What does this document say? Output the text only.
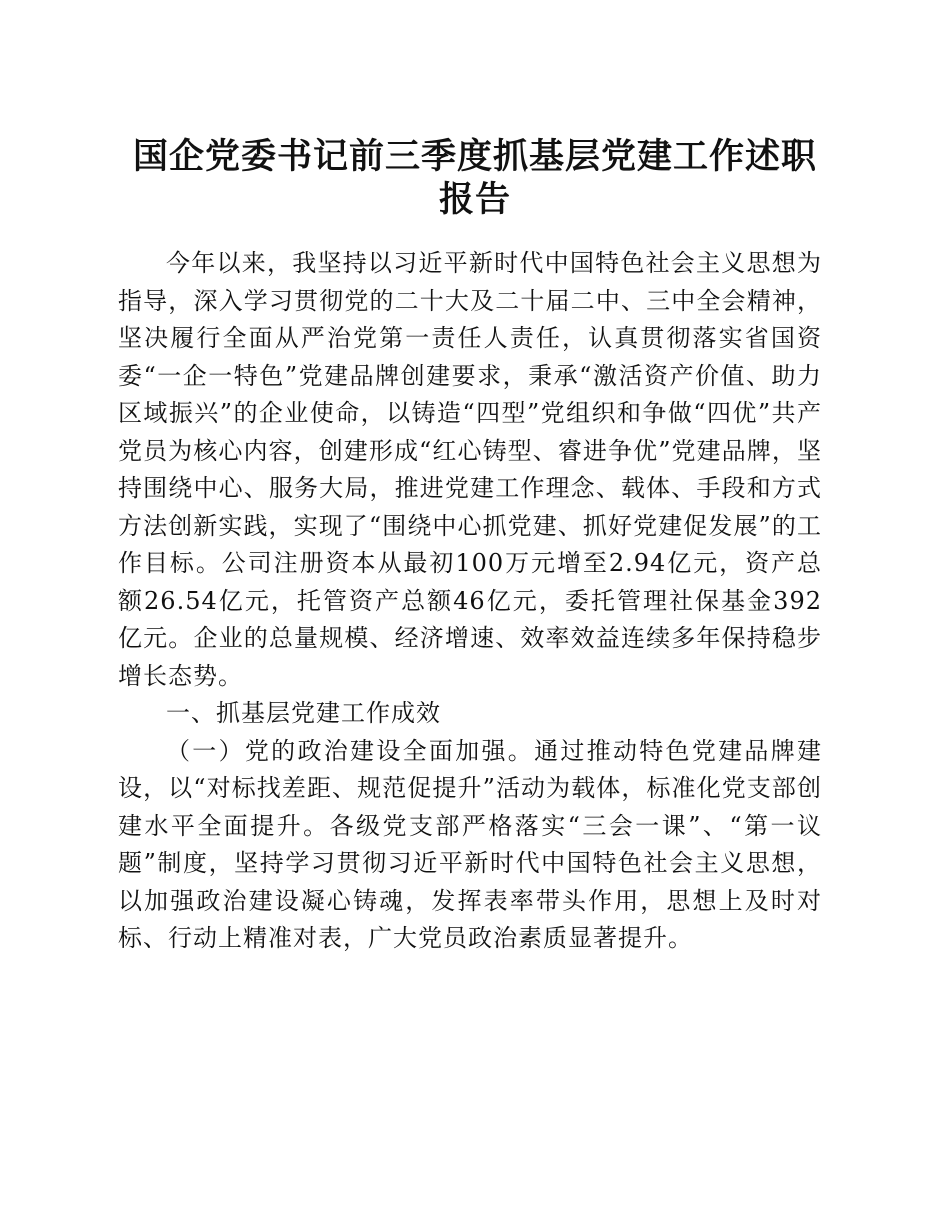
国企党委书记前三季度抓基层党建工作述职报告

今年以来，我坚持以习近平新时代中国特色社会主义思想为指导，深入学习贯彻党的二十大及二十届二中、三中全会精神，坚决履行全面从严治党第一责任人责任，认真贯彻落实省国资委“一企一特色”党建品牌创建要求，秉承“激活资产价值、助力区域振兴”的企业使命，以铸造“四型”党组织和争做“四优”共产党员为核心内容，创建形成“红心铸型、睿进争优”党建品牌，坚持围绕中心、服务大局，推进党建工作理念、载体、手段和方式方法创新实践，实现了“围绕中心抓党建、抓好党建促发展”的工作目标。公司注册资本从最初100万元增至2.94亿元，资产总额26.54亿元，托管资产总额46亿元，委托管理社保基金392亿元。企业的总量规模、经济增速、效率效益连续多年保持稳步增长态势。

一、抓基层党建工作成效

（一）党的政治建设全面加强。通过推动特色党建品牌建设，以“对标找差距、规范促提升”活动为载体，标准化党支部创建水平全面提升。各级党支部严格落实“三会一课”、“第一议题”制度，坚持学习贯彻习近平新时代中国特色社会主义思想，以加强政治建设凝心铸魂，发挥表率带头作用，思想上及时对标、行动上精准对表，广大党员政治素质显著提升。
